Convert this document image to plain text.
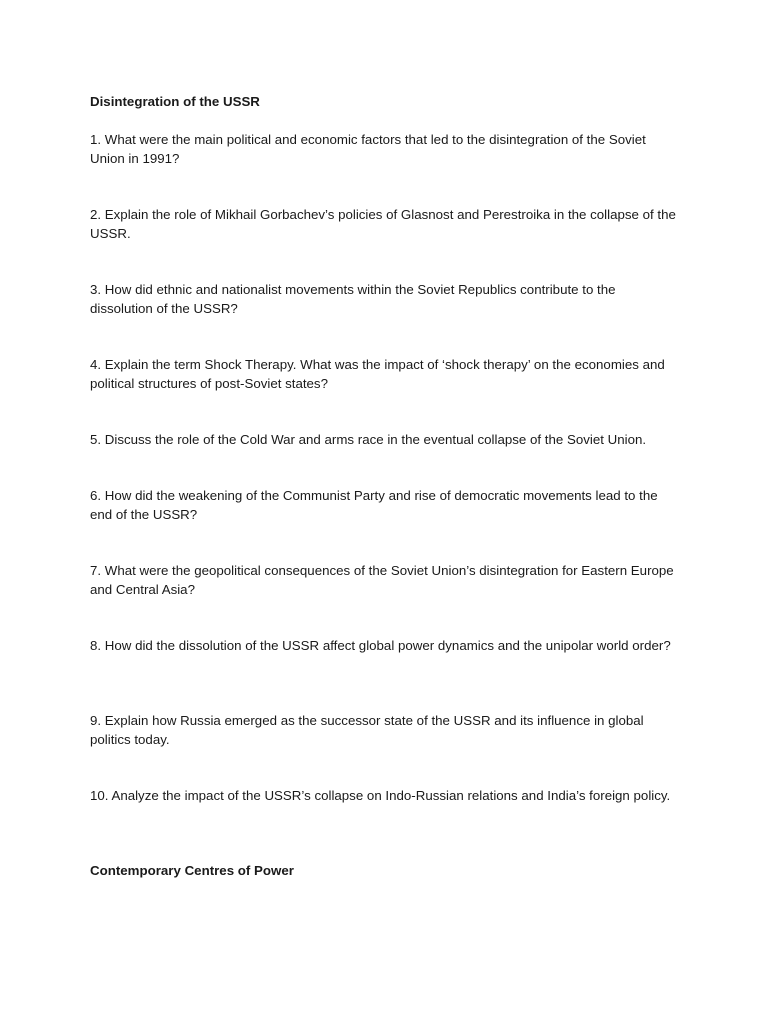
Disintegration of the USSR

1. What were the main political and economic factors that led to the disintegration of the Soviet Union in 1991?

2. Explain the role of Mikhail Gorbachev’s policies of Glasnost and Perestroika in the collapse of the USSR.

3. How did ethnic and nationalist movements within the Soviet Republics contribute to the dissolution of the USSR?

4. Explain the term Shock Therapy. What was the impact of ‘shock therapy’ on the economies and political structures of post-Soviet states?

5. Discuss the role of the Cold War and arms race in the eventual collapse of the Soviet Union.

6. How did the weakening of the Communist Party and rise of democratic movements lead to the end of the USSR?

7. What were the geopolitical consequences of the Soviet Union’s disintegration for Eastern Europe and Central Asia?

8. How did the dissolution of the USSR affect global power dynamics and the unipolar world order?

9. Explain how Russia emerged as the successor state of the USSR and its influence in global politics today.

10. Analyze the impact of the USSR’s collapse on Indo-Russian relations and India’s foreign policy.

Contemporary Centres of Power
